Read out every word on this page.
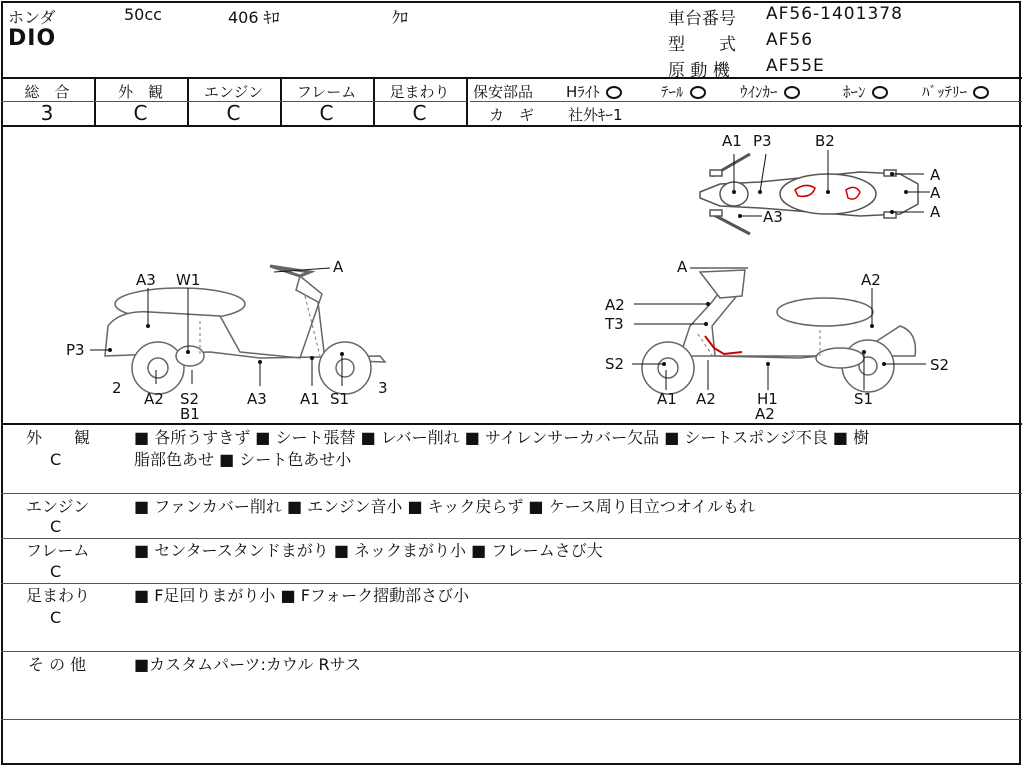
ホンダ	50cc	406 ｷﾛ	ｸﾛ
DIO
車台番号 AF56-1401378
型　　式 AF56
原 動 機 AF55E
総　合
3
外　観
C
エンジン
C
フレーム
C
足まわり
C
保安部品 Hﾗｲﾄ	ﾃｰﾙ	ｳｲﾝｶｰ	ﾎｰﾝ	ﾊﾞｯﾃﾘｰ
カ　ギ 社外ｷｰ1
A1 P3	B2
A
A
A
A3
A
A3 W1
P3
2
A2 S2
B1
A3 A1 S1
3
A
A2
A2
T3
S2
A1 A2	H1
A2
S1
S2
外　　観
C
■ 各所うすきず ■ シート張替 ■ レバー削れ ■ サイレンサーカバー欠品 ■ シートスポンジ不良 ■ 樹
脂部色あせ ■ シート色あせ小
エンジン
C
■ ファンカバー削れ ■ エンジン音小 ■ キック戻らず ■ ケース周り目立つオイルもれ
フレーム
C
■ センタースタンドまがり ■ ネックまがり小 ■ フレームさび大
足まわり
C
■ F足回りまがり小 ■ Fフォーク摺動部さび小
そ の 他	■カスタムパーツ:カウル Rサス
